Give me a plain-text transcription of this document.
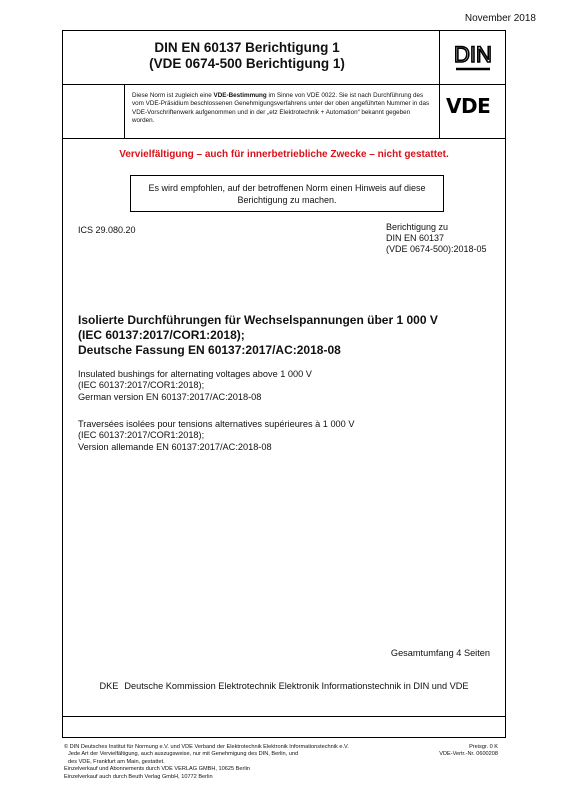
November 2018
DIN EN 60137 Berichtigung 1
(VDE 0674-500 Berichtigung 1)	DIN
Diese Norm ist zugleich eine VDE-Bestimmung im Sinne von VDE 0022. Sie ist nach Durchführung des vom VDE-Präsidium beschlossenen Genehmigungsverfahrens unter der oben angeführten Nummer in das VDE-Vorschriftenwerk aufgenommen und in der „etz Elektrotechnik + Automation“ bekannt gegeben worden.
VDE
Vervielfältigung – auch für innerbetriebliche Zwecke – nicht gestattet.
Es wird empfohlen, auf der betroffenen Norm einen Hinweis auf diese
Berichtigung zu machen.
ICS 29.080.20	Berichtigung zu
DIN EN 60137
(VDE 0674-500):2018-05
Isolierte Durchführungen für Wechselspannungen über 1 000 V
(IEC 60137:2017/COR1:2018);
Deutsche Fassung EN 60137:2017/AC:2018-08
Insulated bushings for alternating voltages above 1 000 V
(IEC 60137:2017/COR1:2018);
German version EN 60137:2017/AC:2018-08
Traversées isolées pour tensions alternatives supérieures à 1 000 V
(IEC 60137:2017/COR1:2018);
Version allemande EN 60137:2017/AC:2018-08
Gesamtumfang 4 Seiten
DKE Deutsche Kommission Elektrotechnik Elektronik Informationstechnik in DIN und VDE
© DIN Deutsches Institut für Normung e.V. und VDE Verband der Elektrotechnik Elektronik Informationstechnik e.V.
Jede Art der Vervielfältigung, auch auszugsweise, nur mit Genehmigung des DIN, Berlin, und
des VDE, Frankfurt am Main, gestattet.
Einzelverkauf und Abonnements durch VDE VERLAG GMBH, 10625 Berlin
Einzelverkauf auch durch Beuth Verlag GmbH, 10772 Berlin
Preisgr. 0 K
VDE-Vertr.-Nr. 0600208
